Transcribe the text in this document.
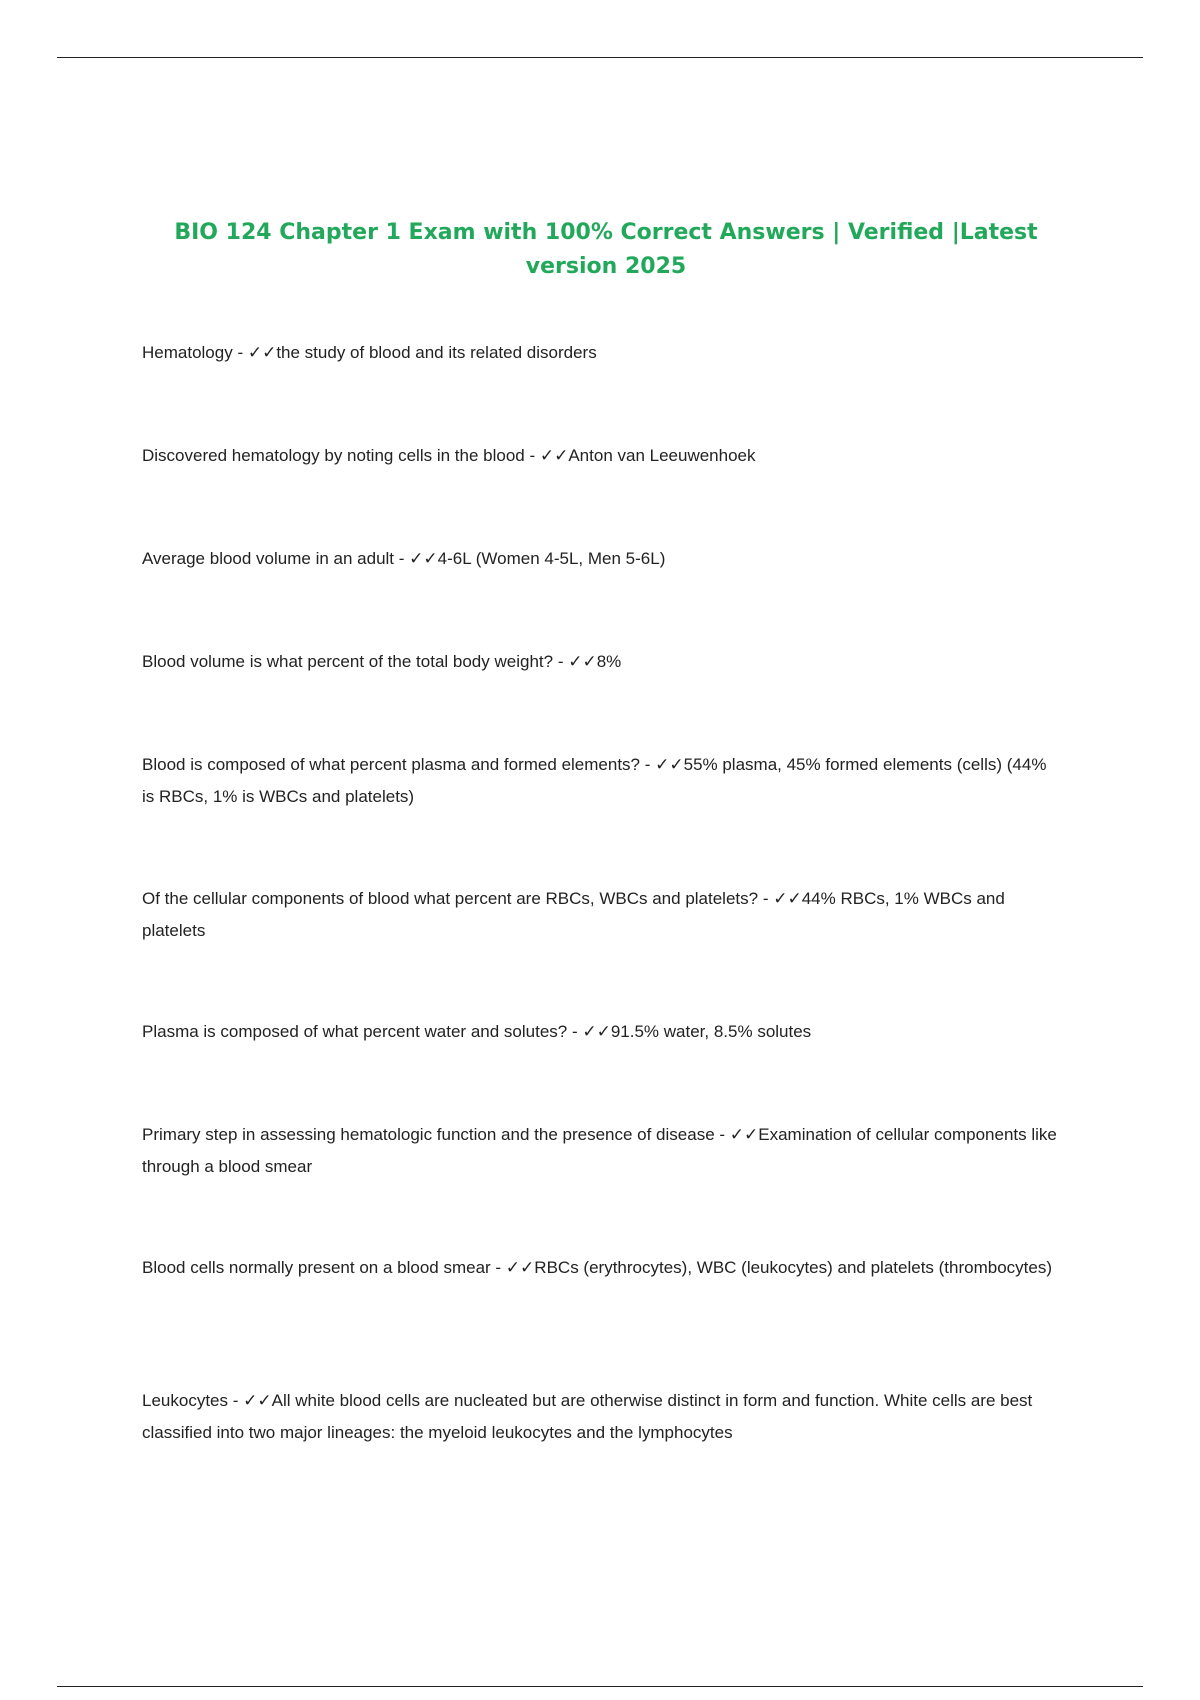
BIO 124 Chapter 1 Exam with 100% Correct Answers | Verified |Latest version 2025

Hematology - ✓✓the study of blood and its related disorders

Discovered hematology by noting cells in the blood - ✓✓Anton van Leeuwenhoek

Average blood volume in an adult - ✓✓4-6L (Women 4-5L, Men 5-6L)

Blood volume is what percent of the total body weight? - ✓✓8%

Blood is composed of what percent plasma and formed elements? - ✓✓55% plasma, 45% formed elements (cells) (44% is RBCs, 1% is WBCs and platelets)

Of the cellular components of blood what percent are RBCs, WBCs and platelets? - ✓✓44% RBCs, 1% WBCs and platelets

Plasma is composed of what percent water and solutes? - ✓✓91.5% water, 8.5% solutes

Primary step in assessing hematologic function and the presence of disease - ✓✓Examination of cellular components like through a blood smear

Blood cells normally present on a blood smear - ✓✓RBCs (erythrocytes), WBC (leukocytes) and platelets (thrombocytes)

Leukocytes - ✓✓All white blood cells are nucleated but are otherwise distinct in form and function. White cells are best classified into two major lineages: the myeloid leukocytes and the lymphocytes
